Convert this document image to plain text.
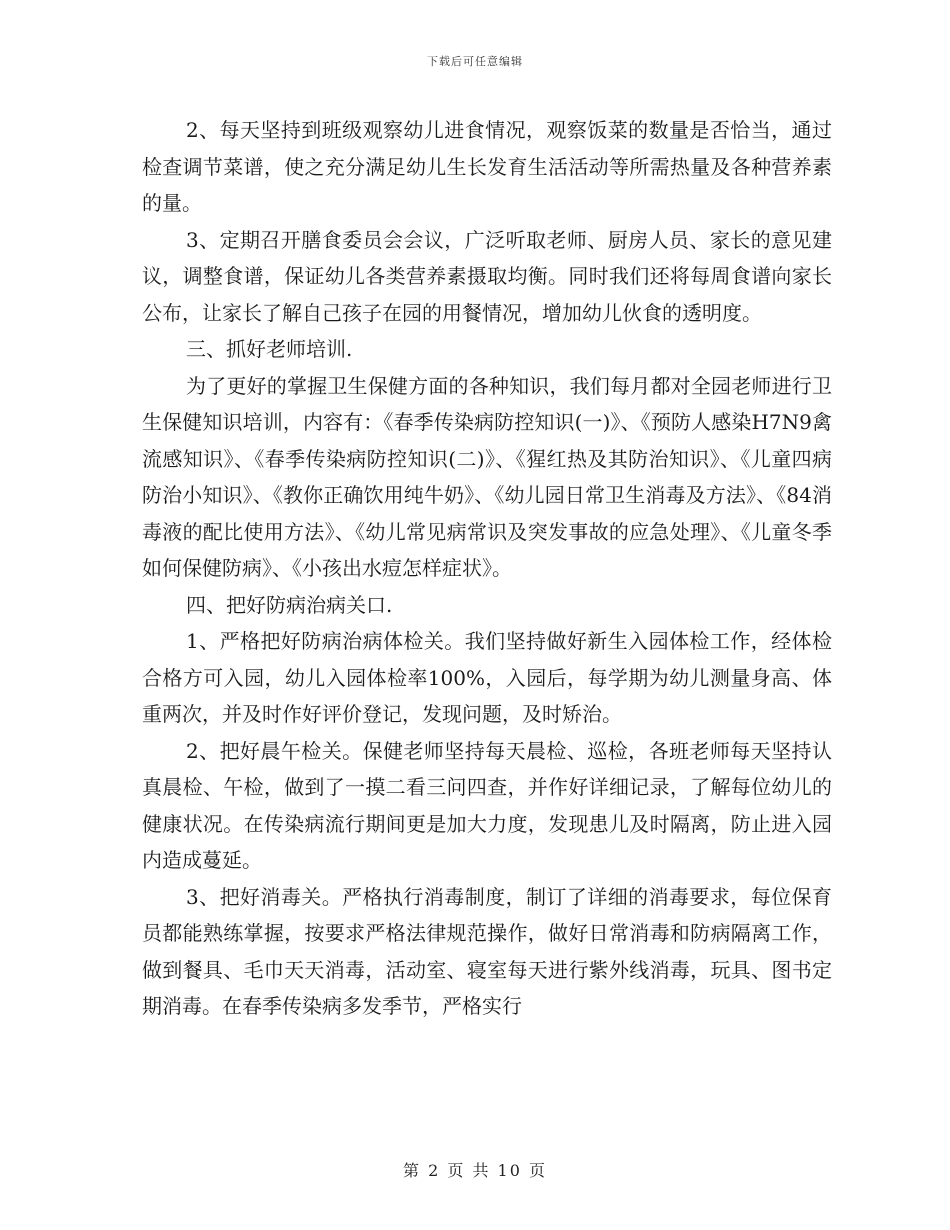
下载后可任意编辑

2、每天坚持到班级观察幼儿进食情况，观察饭菜的数量是否恰当，通过检查调节菜谱，使之充分满足幼儿生长发育生活活动等所需热量及各种营养素的量。

3、定期召开膳食委员会会议，广泛听取老师、厨房人员、家长的意见建议，调整食谱，保证幼儿各类营养素摄取均衡。同时我们还将每周食谱向家长公布，让家长了解自己孩子在园的用餐情况，增加幼儿伙食的透明度。

三、抓好老师培训.

为了更好的掌握卫生保健方面的各种知识，我们每月都对全园老师进行卫生保健知识培训，内容有：《春季传染病防控知识(一)》、《预防人感染H7N9禽流感知识》、《春季传染病防控知识(二)》、《猩红热及其防治知识》、《儿童四病防治小知识》、《教你正确饮用纯牛奶》、《幼儿园日常卫生消毒及方法》、《84消毒液的配比使用方法》、《幼儿常见病常识及突发事故的应急处理》、《儿童冬季如何保健防病》、《小孩出水痘怎样症状》。

四、把好防病治病关口.

1、严格把好防病治病体检关。我们坚持做好新生入园体检工作，经体检合格方可入园，幼儿入园体检率100%，入园后，每学期为幼儿测量身高、体重两次，并及时作好评价登记，发现问题，及时矫治。

2、把好晨午检关。保健老师坚持每天晨检、巡检，各班老师每天坚持认真晨检、午检，做到了一摸二看三问四查，并作好详细记录，了解每位幼儿的健康状况。在传染病流行期间更是加大力度，发现患儿及时隔离，防止进入园内造成蔓延。

3、把好消毒关。严格执行消毒制度，制订了详细的消毒要求，每位保育员都能熟练掌握，按要求严格法律规范操作，做好日常消毒和防病隔离工作，做到餐具、毛巾天天消毒，活动室、寝室每天进行紫外线消毒，玩具、图书定期消毒。在春季传染病多发季节，严格实行

第 2 页 共 10 页
